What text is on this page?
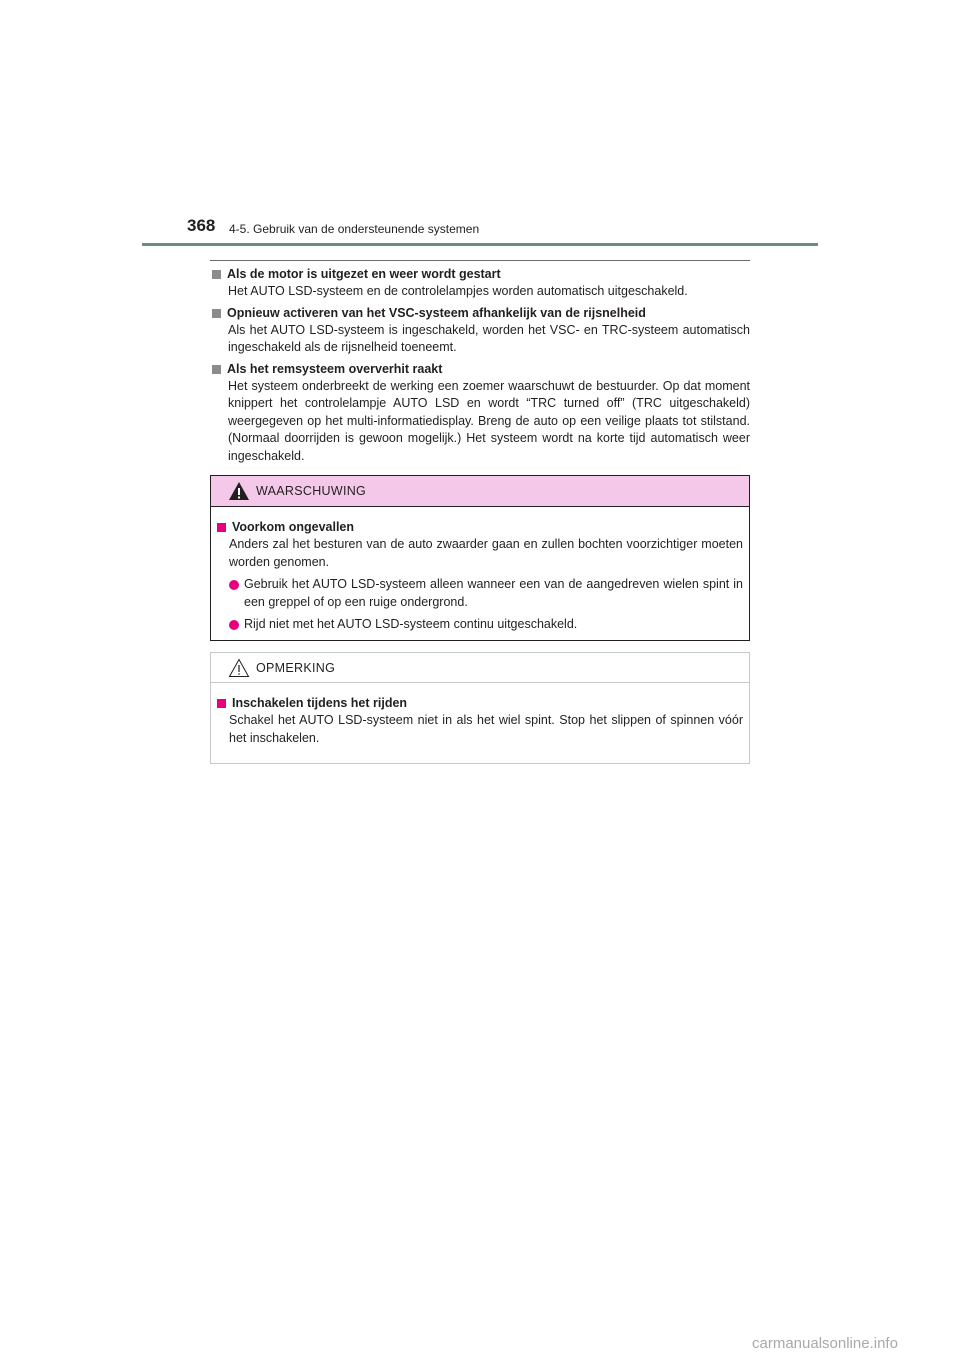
368 4-5. Gebruik van de ondersteunende systemen
Als de motor is uitgezet en weer wordt gestart
Het AUTO LSD-systeem en de controlelampjes worden automatisch uitgeschakeld.
Opnieuw activeren van het VSC-systeem afhankelijk van de rijsnelheid
Als het AUTO LSD-systeem is ingeschakeld, worden het VSC- en TRC-systeem automatisch ingeschakeld als de rijsnelheid toeneemt.
Als het remsysteem oververhit raakt
Het systeem onderbreekt de werking een zoemer waarschuwt de bestuurder. Op dat moment knippert het controlelampje AUTO LSD en wordt “TRC turned off” (TRC uitgeschakeld) weergegeven op het multi-informatiedisplay. Breng de auto op een veilige plaats tot stilstand. (Normaal doorrijden is gewoon mogelijk.) Het systeem wordt na korte tijd automatisch weer ingeschakeld.
WAARSCHUWING
Voorkom ongevallen
Anders zal het besturen van de auto zwaarder gaan en zullen bochten voorzichtiger moeten worden genomen.
Gebruik het AUTO LSD-systeem alleen wanneer een van de aangedreven wielen spint in een greppel of op een ruige ondergrond.
Rijd niet met het AUTO LSD-systeem continu uitgeschakeld.
OPMERKING
Inschakelen tijdens het rijden
Schakel het AUTO LSD-systeem niet in als het wiel spint. Stop het slippen of spinnen vóór het inschakelen.
carmanualsonline.info
